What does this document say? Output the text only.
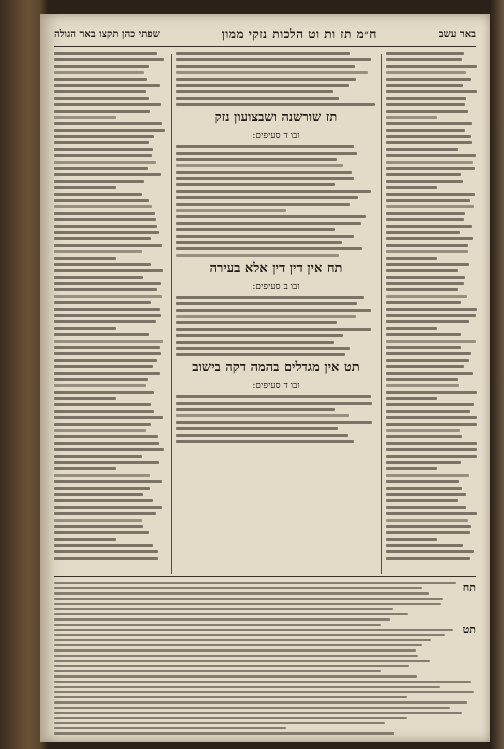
באר עשב
ח״מ תז ות וט הלכות נזקי ממון
שפתי כהן תקצו באר הגולה
תז שורשנה ושבצועון נזק
ובו ד סעיפים:
תח אין דין דין אלא בעירה
ובו ב סעיפים:
תט אין מגדלים בהמה דקה בישוב
ובו ד סעיפים:
תח
תט
